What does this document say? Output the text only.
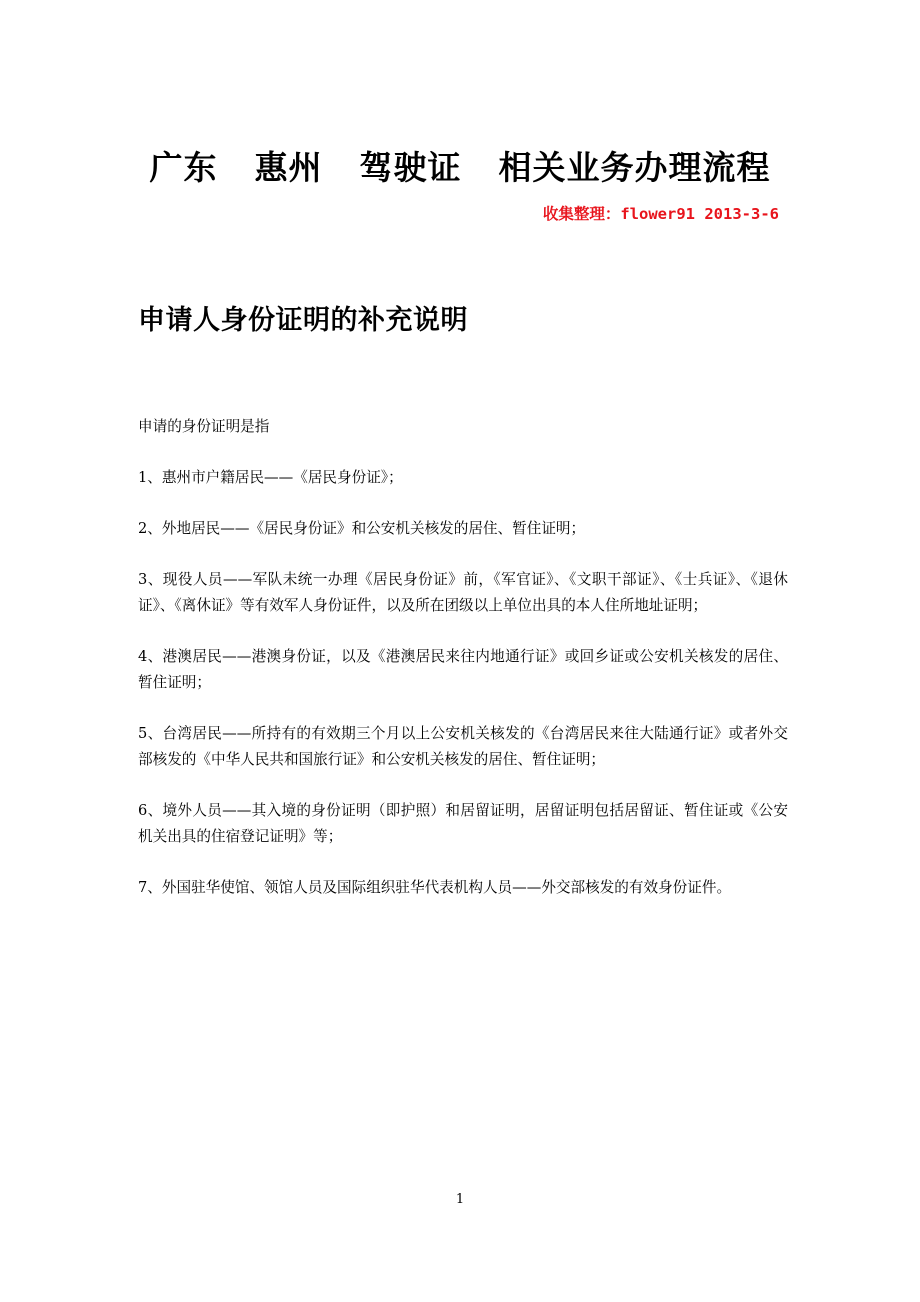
广东  惠州  驾驶证  相关业务办理流程
收集整理：flower91 2013-3-6
申请人身份证明的补充说明
申请的身份证明是指
1、惠州市户籍居民——《居民身份证》；
2、外地居民——《居民身份证》和公安机关核发的居住、暂住证明；
3、现役人员——军队未统一办理《居民身份证》前，《军官证》、《文职干部证》、《士兵证》、《退休证》、《离休证》等有效军人身份证件，以及所在团级以上单位出具的本人住所地址证明；
4、港澳居民——港澳身份证，以及《港澳居民来往内地通行证》或回乡证或公安机关核发的居住、暂住证明；
5、台湾居民——所持有的有效期三个月以上公安机关核发的《台湾居民来往大陆通行证》或者外交部核发的《中华人民共和国旅行证》和公安机关核发的居住、暂住证明；
6、境外人员——其入境的身份证明（即护照）和居留证明，居留证明包括居留证、暂住证或《公安机关出具的住宿登记证明》等；
7、外国驻华使馆、领馆人员及国际组织驻华代表机构人员——外交部核发的有效身份证件。
1
